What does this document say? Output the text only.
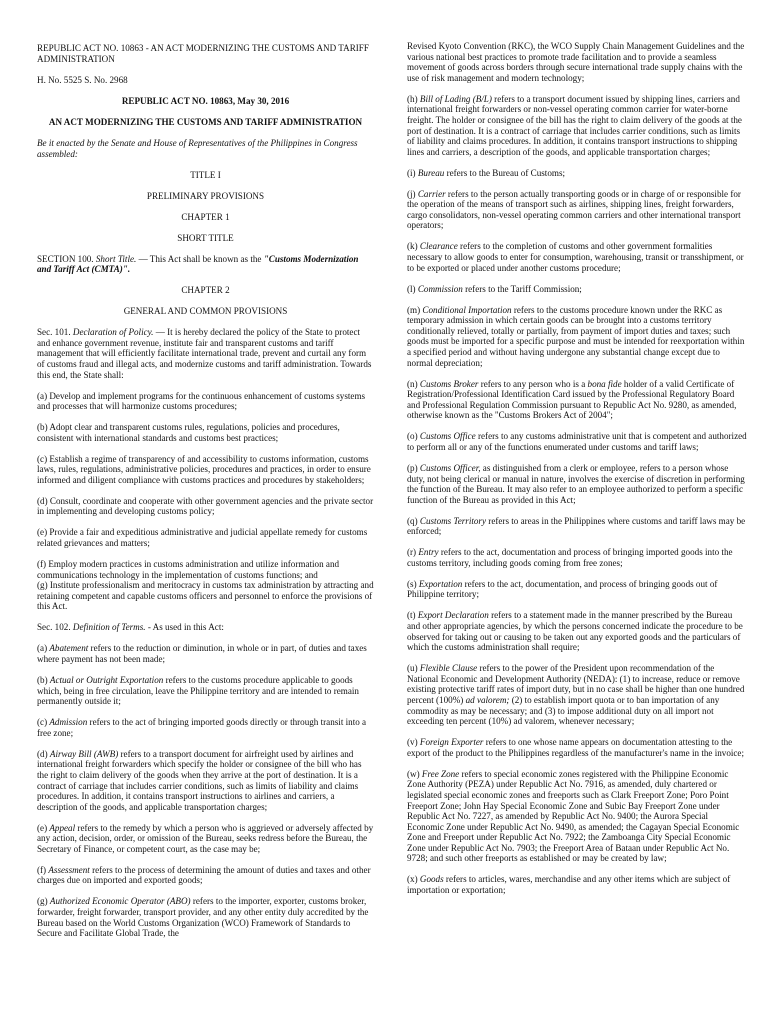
REPUBLIC ACT NO. 10863 - AN ACT MODERNIZING THE CUSTOMS AND TARIFF ADMINISTRATION

H. No. 5525 S. No. 2968

REPUBLIC ACT NO. 10863, May 30, 2016

AN ACT MODERNIZING THE CUSTOMS AND TARIFF ADMINISTRATION

Be it enacted by the Senate and House of Representatives of the Philippines in Congress assembled:

TITLE I

PRELIMINARY PROVISIONS

CHAPTER 1

SHORT TITLE

SECTION 100. Short Title. — This Act shall be known as the "Customs Modernization and Tariff Act (CMTA)".

CHAPTER 2

GENERAL AND COMMON PROVISIONS

Sec. 101. Declaration of Policy. — It is hereby declared the policy of the State to protect and enhance government revenue, institute fair and transparent customs and tariff management that will efficiently facilitate international trade, prevent and curtail any form of customs fraud and illegal acts, and modernize customs and tariff administration. Towards this end, the State shall:

(a) Develop and implement programs for the continuous enhancement of customs systems and processes that will harmonize customs procedures;

(b) Adopt clear and transparent customs rules, regulations, policies and procedures, consistent with international standards and customs best practices;

(c) Establish a regime of transparency of and accessibility to customs information, customs laws, rules, regulations, administrative policies, procedures and practices, in order to ensure informed and diligent compliance with customs practices and procedures by stakeholders;

(d) Consult, coordinate and cooperate with other government agencies and the private sector in implementing and developing customs policy;

(e) Provide a fair and expeditious administrative and judicial appellate remedy for customs related grievances and matters;

(f) Employ modern practices in customs administration and utilize information and communications technology in the implementation of customs functions; and

(g) Institute professionalism and meritocracy in customs tax administration by attracting and retaining competent and capable customs officers and personnel to enforce the provisions of this Act.

Sec. 102. Definition of Terms. - As used in this Act:

(a) Abatement refers to the reduction or diminution, in whole or in part, of duties and taxes where payment has not been made;

(b) Actual or Outright Exportation refers to the customs procedure applicable to goods which, being in free circulation, leave the Philippine territory and are intended to remain permanently outside it;

(c) Admission refers to the act of bringing imported goods directly or through transit into a free zone;

(d) Airway Bill (AWB) refers to a transport document for airfreight used by airlines and international freight forwarders which specify the holder or consignee of the bill who has the right to claim delivery of the goods when they arrive at the port of destination. It is a contract of carriage that includes carrier conditions, such as limits of liability and claims procedures. In addition, it contains transport instructions to airlines and carriers, a description of the goods, and applicable transportation charges;

(e) Appeal refers to the remedy by which a person who is aggrieved or adversely affected by any action, decision, order, or omission of the Bureau, seeks redress before the Bureau, the Secretary of Finance, or competent court, as the case may be;

(f) Assessment refers to the process of determining the amount of duties and taxes and other charges due on imported and exported goods;

(g) Authorized Economic Operator (ABO) refers to the importer, exporter, customs broker, forwarder, freight forwarder, transport provider, and any other entity duly accredited by the Bureau based on the World Customs Organization (WCO) Framework of Standards to Secure and Facilitate Global Trade, the

Revised Kyoto Convention (RKC), the WCO Supply Chain Management Guidelines and the various national best practices to promote trade facilitation and to provide a seamless movement of goods across borders through secure international trade supply chains with the use of risk management and modern technology;

(h) Bill of Lading (B/L) refers to a transport document issued by shipping lines, carriers and international freight forwarders or non-vessel operating common carrier for water-borne freight. The holder or consignee of the bill has the right to claim delivery of the goods at the port of destination. It is a contract of carriage that includes carrier conditions, such as limits of liability and claims procedures. In addition, it contains transport instructions to shipping lines and carriers, a description of the goods, and applicable transportation charges;

(i) Bureau refers to the Bureau of Customs;

(j) Carrier refers to the person actually transporting goods or in charge of or responsible for the operation of the means of transport such as airlines, shipping lines, freight forwarders, cargo consolidators, non-vessel operating common carriers and other international transport operators;

(k) Clearance refers to the completion of customs and other government formalities necessary to allow goods to enter for consumption, warehousing, transit or transshipment, or to be exported or placed under another customs procedure;

(l) Commission refers to the Tariff Commission;

(m) Conditional Importation refers to the customs procedure known under the RKC as temporary admission in which certain goods can be brought into a customs territory conditionally relieved, totally or partially, from payment of import duties and taxes; such goods must be imported for a specific purpose and must be intended for reexportation within a specified period and without having undergone any substantial change except due to normal depreciation;

(n) Customs Broker refers to any person who is a bona fide holder of a valid Certificate of Registration/Professional Identification Card issued by the Professional Regulatory Board and Professional Regulation Commission pursuant to Republic Act No. 9280, as amended, otherwise known as the "Customs Brokers Act of 2004";

(o) Customs Office refers to any customs administrative unit that is competent and authorized to perform all or any of the functions enumerated under customs and tariff laws;

(p) Customs Officer, as distinguished from a clerk or employee, refers to a person whose duty, not being clerical or manual in nature, involves the exercise of discretion in performing the function of the Bureau. It may also refer to an employee authorized to perform a specific function of the Bureau as provided in this Act;

(q) Customs Territory refers to areas in the Philippines where customs and tariff laws may be enforced;

(r) Entry refers to the act, documentation and process of bringing imported goods into the customs territory, including goods coming from free zones;

(s) Exportation refers to the act, documentation, and process of bringing goods out of Philippine territory;

(t) Export Declaration refers to a statement made in the manner prescribed by the Bureau and other appropriate agencies, by which the persons concerned indicate the procedure to be observed for taking out or causing to be taken out any exported goods and the particulars of which the customs administration shall require;

(u) Flexible Clause refers to the power of the President upon recommendation of the National Economic and Development Authority (NEDA): (1) to increase, reduce or remove existing protective tariff rates of import duty, but in no case shall be higher than one hundred percent (100%) ad valorem; (2) to establish import quota or to ban importation of any commodity as may be necessary; and (3) to impose additional duty on all import not exceeding ten percent (10%) ad valorem, whenever necessary;

(v) Foreign Exporter refers to one whose name appears on documentation attesting to the export of the product to the Philippines regardless of the manufacturer's name in the invoice;

(w) Free Zone refers to special economic zones registered with the Philippine Economic Zone Authority (PEZA) under Republic Act No. 7916, as amended, duly chartered or legislated special economic zones and freeports such as Clark Freeport Zone; Poro Point Freeport Zone; John Hay Special Economic Zone and Subic Bay Freeport Zone under Republic Act No. 7227, as amended by Republic Act No. 9400; the Aurora Special Economic Zone under Republic Act No. 9490, as amended; the Cagayan Special Economic Zone and Freeport under Republic Act No. 7922; the Zamboanga City Special Economic Zone under Republic Act No. 7903; the Freeport Area of Bataan under Republic Act No. 9728; and such other freeports as established or may be created by law;

(x) Goods refers to articles, wares, merchandise and any other items which are subject of importation or exportation;
